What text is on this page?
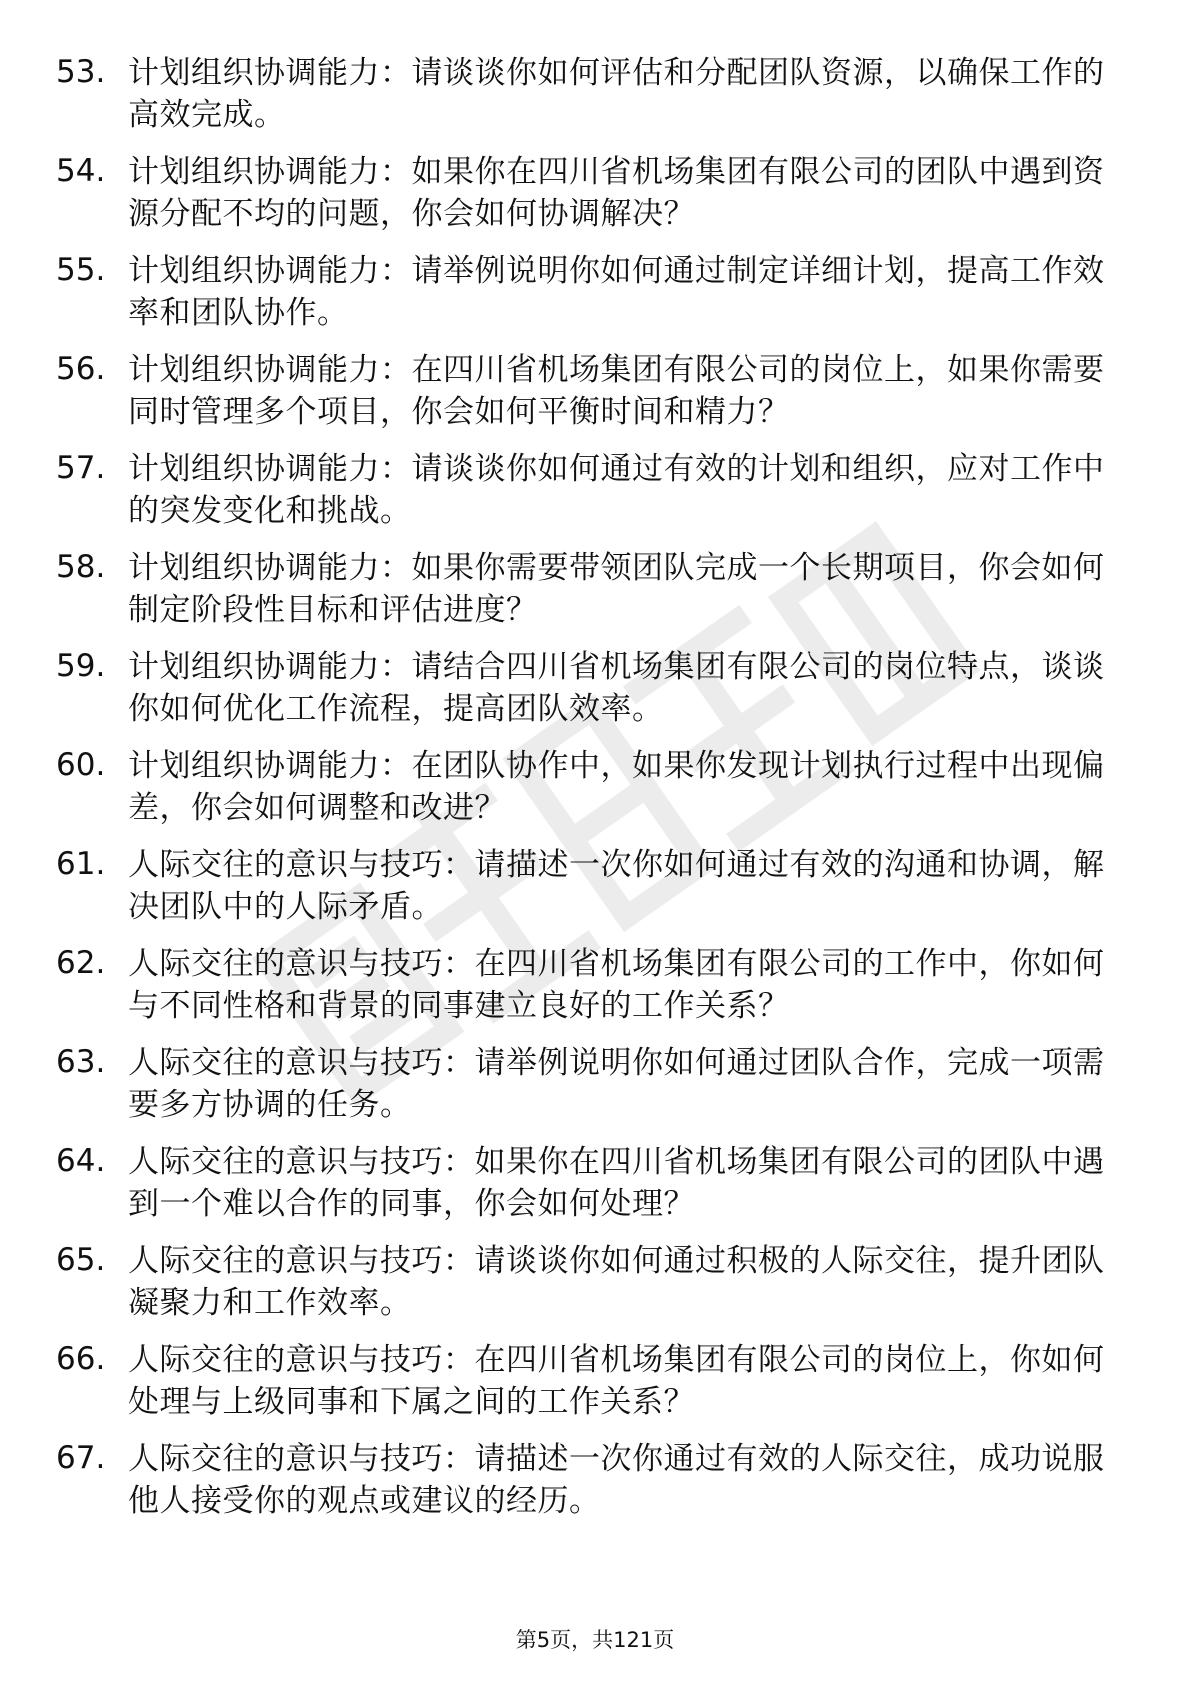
53. 计划组织协调能力：请谈谈你如何评估和分配团队资源，以确保工作的高效完成。
54. 计划组织协调能力：如果你在四川省机场集团有限公司的团队中遇到资源分配不均的问题，你会如何协调解决？
55. 计划组织协调能力：请举例说明你如何通过制定详细计划，提高工作效率和团队协作。
56. 计划组织协调能力：在四川省机场集团有限公司的岗位上，如果你需要同时管理多个项目，你会如何平衡时间和精力？
57. 计划组织协调能力：请谈谈你如何通过有效的计划和组织，应对工作中的突发变化和挑战。
58. 计划组织协调能力：如果你需要带领团队完成一个长期项目，你会如何制定阶段性目标和评估进度？
59. 计划组织协调能力：请结合四川省机场集团有限公司的岗位特点，谈谈你如何优化工作流程，提高团队效率。
60. 计划组织协调能力：在团队协作中，如果你发现计划执行过程中出现偏差，你会如何调整和改进？
61. 人际交往的意识与技巧：请描述一次你如何通过有效的沟通和协调，解决团队中的人际矛盾。
62. 人际交往的意识与技巧：在四川省机场集团有限公司的工作中，你如何与不同性格和背景的同事建立良好的工作关系？
63. 人际交往的意识与技巧：请举例说明你如何通过团队合作，完成一项需要多方协调的任务。
64. 人际交往的意识与技巧：如果你在四川省机场集团有限公司的团队中遇到一个难以合作的同事，你会如何处理？
65. 人际交往的意识与技巧：请谈谈你如何通过积极的人际交往，提升团队凝聚力和工作效率。
66. 人际交往的意识与技巧：在四川省机场集团有限公司的岗位上，你如何处理与上级同事和下属之间的工作关系？
67. 人际交往的意识与技巧：请描述一次你通过有效的人际交往，成功说服他人接受你的观点或建议的经历。
第5页，共121页
